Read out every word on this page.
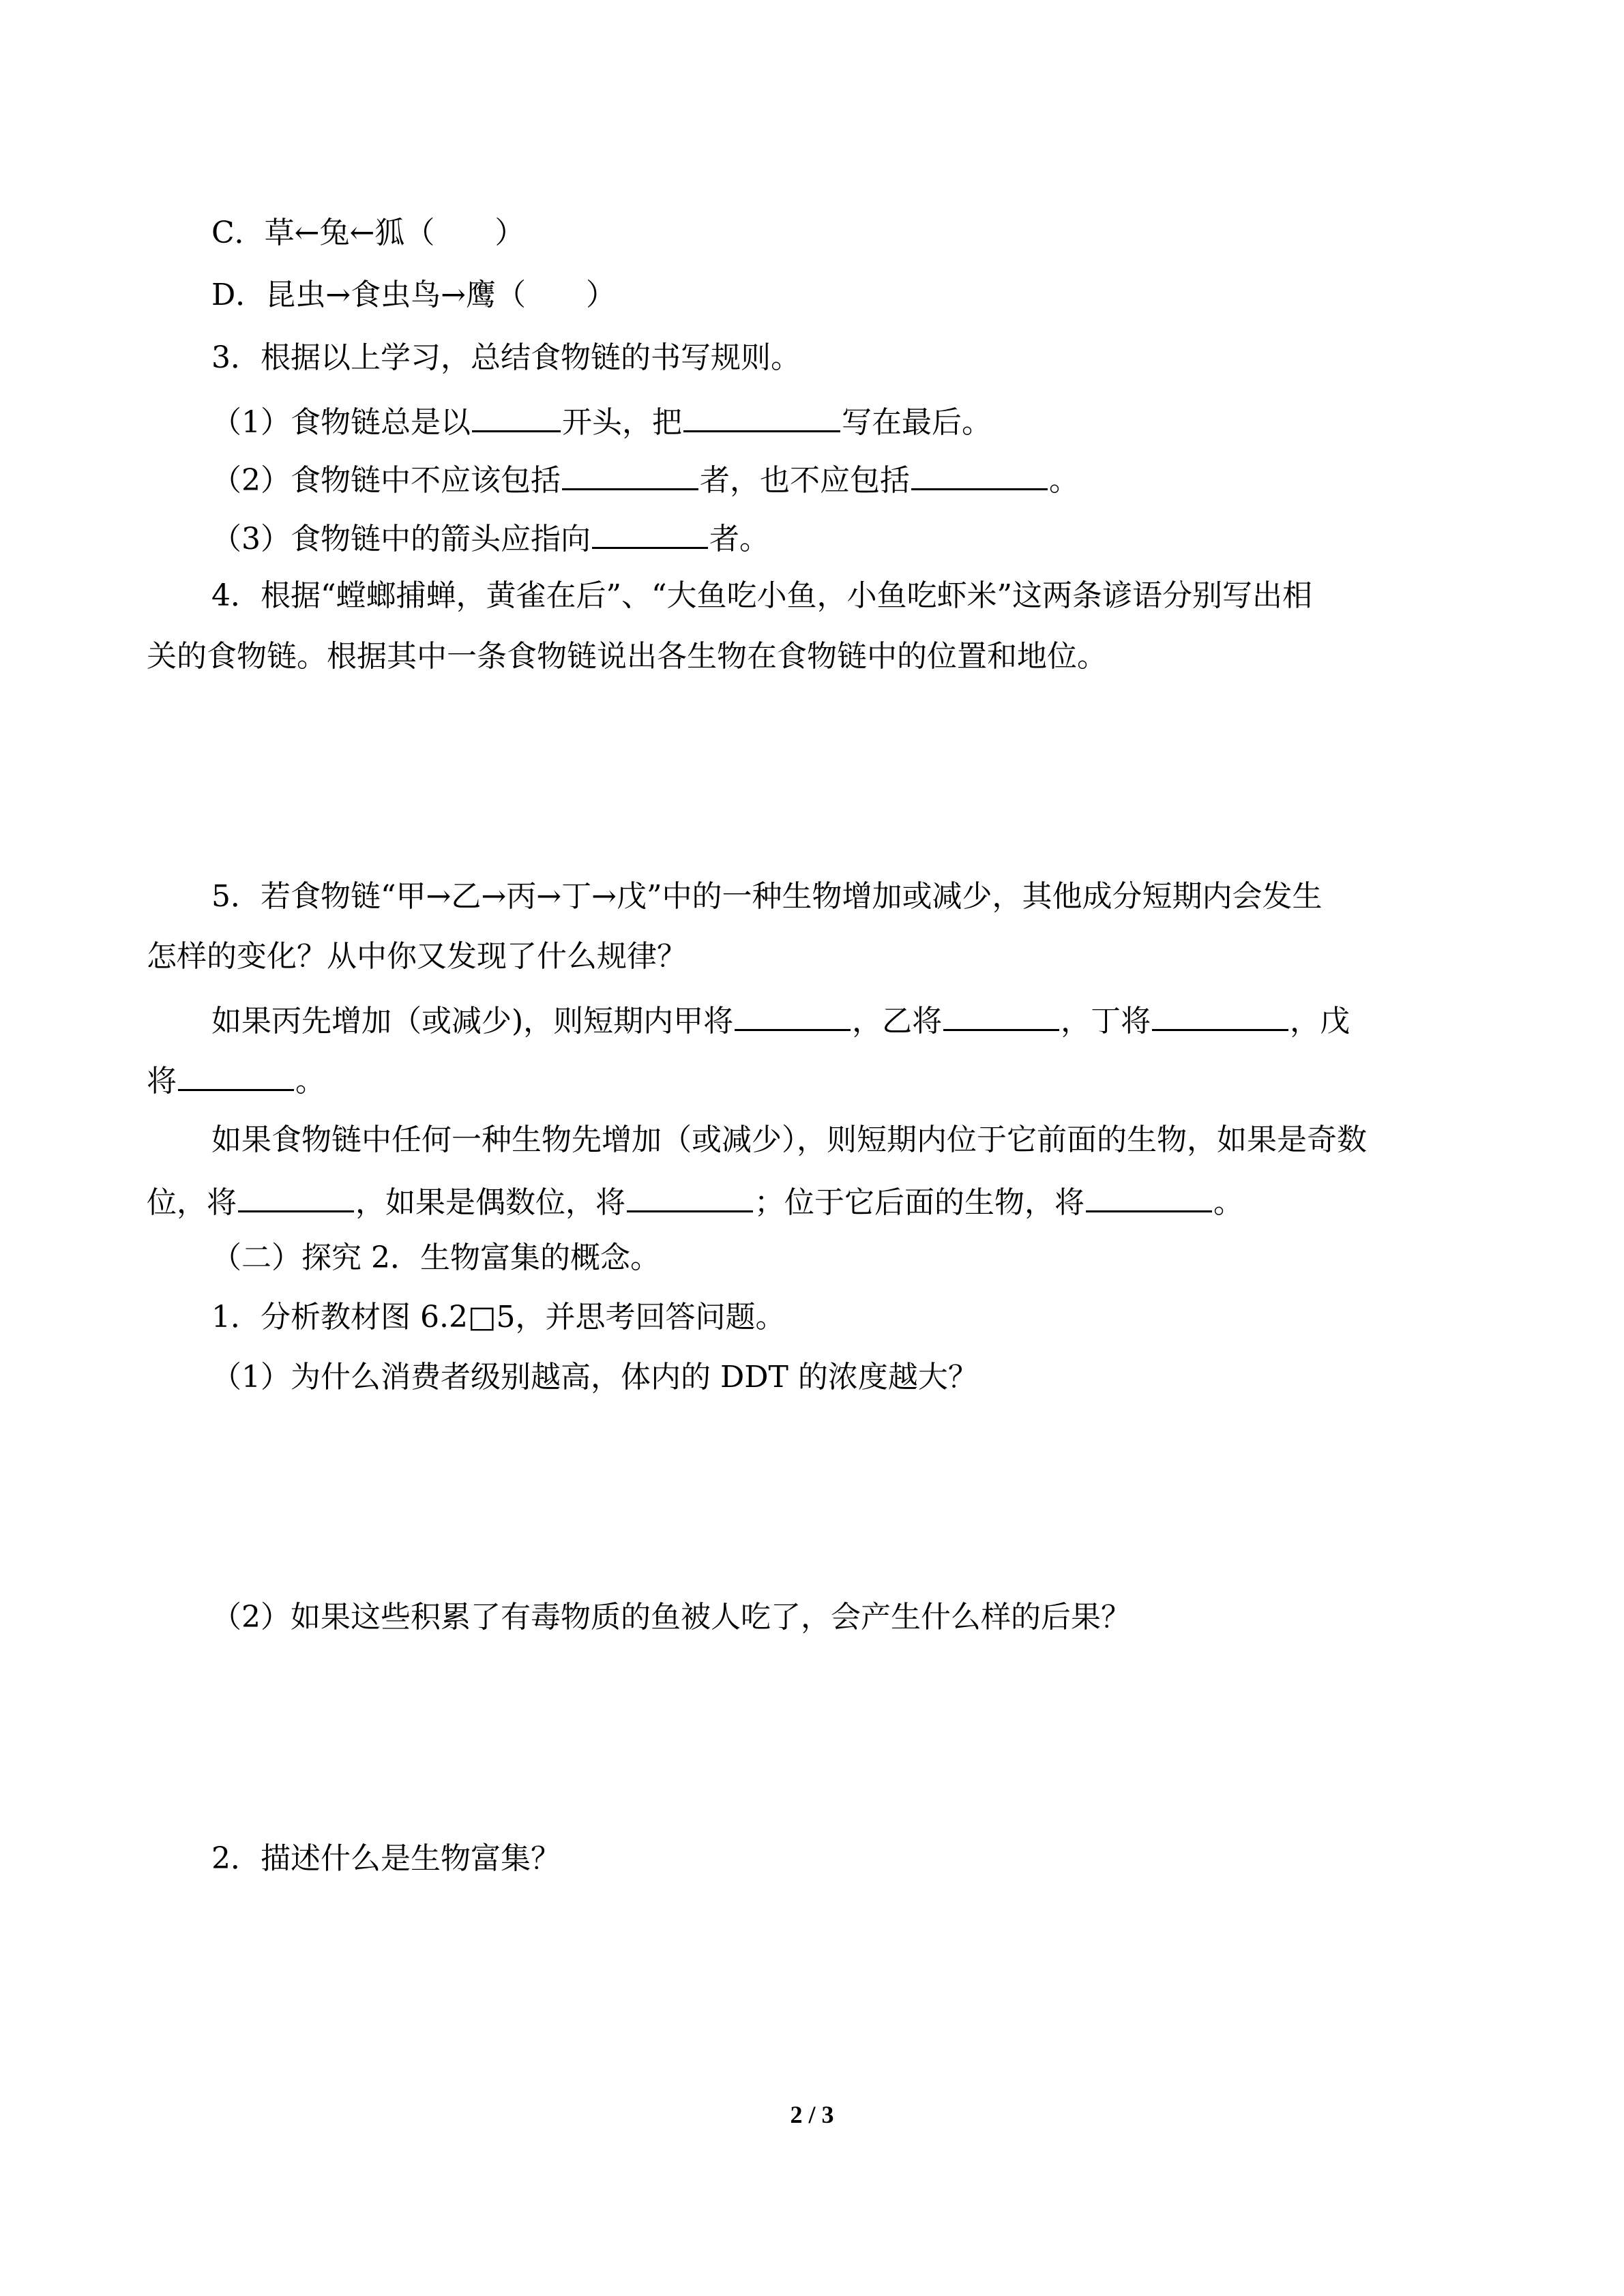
C．草←兔←狐（　　）
D．昆虫→食虫鸟→鹰（　　）
3．根据以上学习，总结食物链的书写规则。
（1）食物链总是以	开头，把	写在最后。
（2）食物链中不应该包括	者，也不应包括	。
（3）食物链中的箭头应指向	者。
4．根据“螳螂捕蝉，黄雀在后”、“大鱼吃小鱼，小鱼吃虾米”这两条谚语分别写出相
关的食物链。根据其中一条食物链说出各生物在食物链中的位置和地位。
5．若食物链“甲→乙→丙→丁→戊”中的一种生物增加或减少，其他成分短期内会发生
怎样的变化？从中你又发现了什么规律？
如果丙先增加（或减少)，则短期内甲将	，乙将	，丁将	，戊
将	。
如果食物链中任何一种生物先增加（或减少），则短期内位于它前面的生物，如果是奇数
位，将	，如果是偶数位，将	；位于它后面的生物，将	。
（二）探究 2．生物富集的概念。
1．分析教材图 6.2□5，并思考回答问题。
（1）为什么消费者级别越高，体内的 DDT 的浓度越大？
（2）如果这些积累了有毒物质的鱼被人吃了，会产生什么样的后果？
2．描述什么是生物富集？
2 / 3
